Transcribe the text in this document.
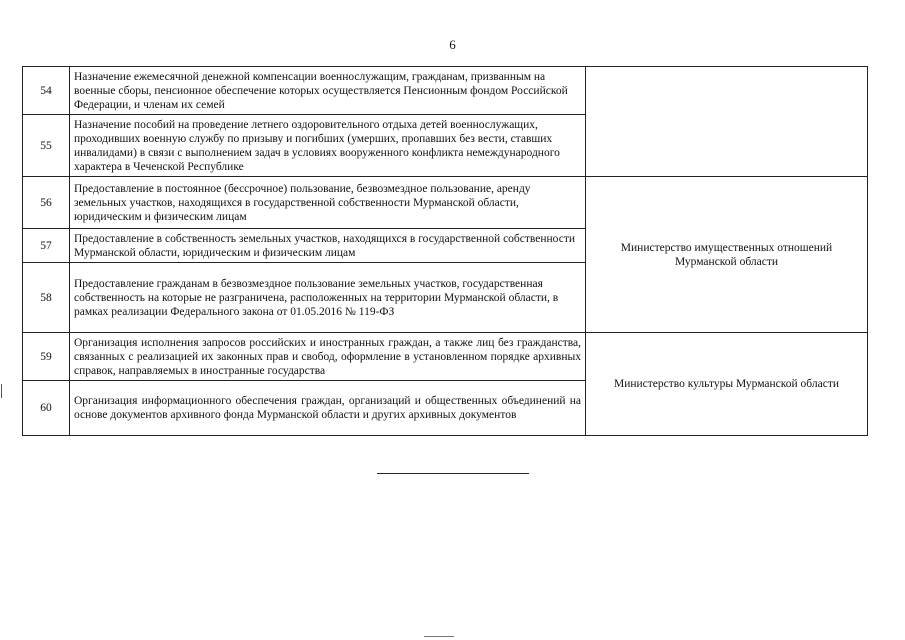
6
54	Назначение ежемесячной денежной компенсации военнослужащим, гражданам, призванным на военные сборы, пенсионное обеспечение которых осуществляется Пенсионным фондом Российской Федерации, и членам их семей	
55	Назначение пособий на проведение летнего оздоровительного отдыха детей военнослужащих, проходивших военную службу по призыву и погибших (умерших, пропавших без вести, ставших инвалидами) в связи с выполнением задач в условиях вооруженного конфликта немеждународного характера в Чеченской Республике	
56	Предоставление в постоянное (бессрочное) пользование, безвозмездное пользование, аренду земельных участков, находящихся в государственной собственности Мурманской области, юридическим и физическим лицам	Министерство имущественных отношений Мурманской области
57	Предоставление в собственность земельных участков, находящихся в государственной собственности Мурманской области, юридическим и физическим лицам	
58	Предоставление гражданам в безвозмездное пользование земельных участков, государственная собственность на которые не разграничена, расположенных на территории Мурманской области, в рамках реализации Федерального закона от 01.05.2016 № 119-ФЗ	
59	Организация исполнения запросов российских и иностранных граждан, а также лиц без гражданства, связанных с реализацией их законных прав и свобод, оформление в установленном порядке архивных справок, направляемых в иностранные государства	Министерство культуры Мурманской области
60	Организация информационного обеспечения граждан, организаций и общественных объединений на основе документов архивного фонда Мурманской области и других архивных документов	
